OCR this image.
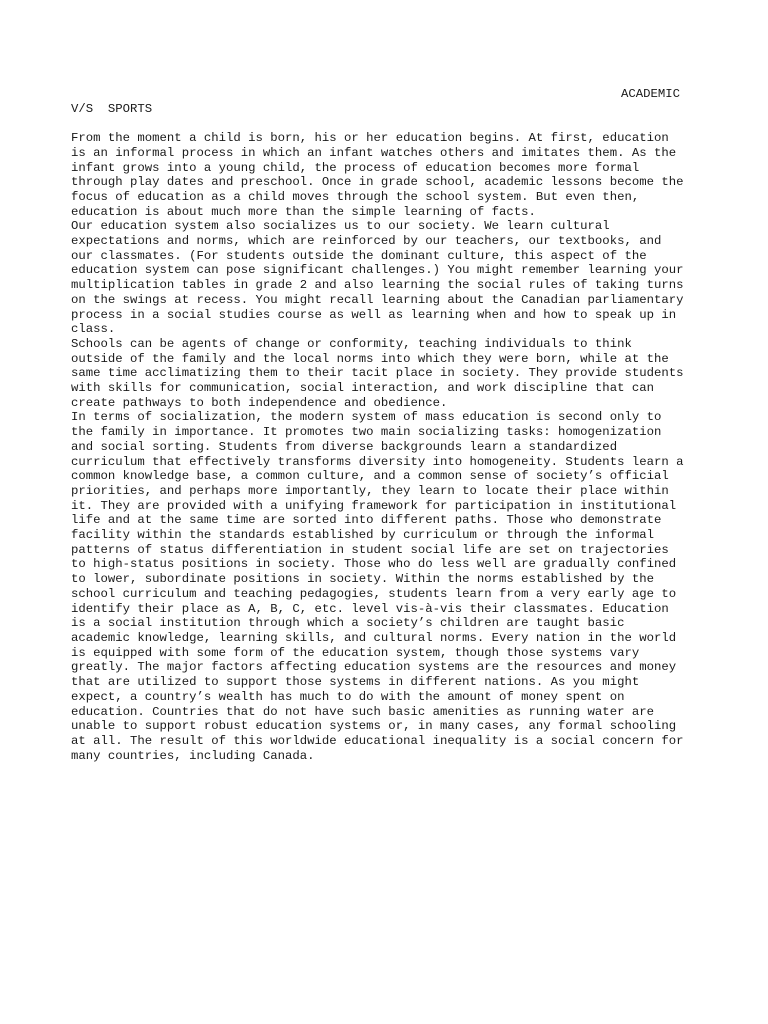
ACADEMIC

V/S  SPORTS

From the moment a child is born, his or her education begins. At first, education
is an informal process in which an infant watches others and imitates them. As the
infant grows into a young child, the process of education becomes more formal
through play dates and preschool. Once in grade school, academic lessons become the
focus of education as a child moves through the school system. But even then,
education is about much more than the simple learning of facts.

Our education system also socializes us to our society. We learn cultural
expectations and norms, which are reinforced by our teachers, our textbooks, and
our classmates. (For students outside the dominant culture, this aspect of the
education system can pose significant challenges.) You might remember learning your
multiplication tables in grade 2 and also learning the social rules of taking turns
on the swings at recess. You might recall learning about the Canadian parliamentary
process in a social studies course as well as learning when and how to speak up in
class.

Schools can be agents of change or conformity, teaching individuals to think
outside of the family and the local norms into which they were born, while at the
same time acclimatizing them to their tacit place in society. They provide students
with skills for communication, social interaction, and work discipline that can
create pathways to both independence and obedience.

In terms of socialization, the modern system of mass education is second only to
the family in importance. It promotes two main socializing tasks: homogenization
and social sorting. Students from diverse backgrounds learn a standardized
curriculum that effectively transforms diversity into homogeneity. Students learn a
common knowledge base, a common culture, and a common sense of society’s official
priorities, and perhaps more importantly, they learn to locate their place within
it. They are provided with a unifying framework for participation in institutional
life and at the same time are sorted into different paths. Those who demonstrate
facility within the standards established by curriculum or through the informal
patterns of status differentiation in student social life are set on trajectories
to high-status positions in society. Those who do less well are gradually confined
to lower, subordinate positions in society. Within the norms established by the
school curriculum and teaching pedagogies, students learn from a very early age to
identify their place as A, B, C, etc. level vis-à-vis their classmates. Education
is a social institution through which a society’s children are taught basic
academic knowledge, learning skills, and cultural norms. Every nation in the world
is equipped with some form of the education system, though those systems vary
greatly. The major factors affecting education systems are the resources and money
that are utilized to support those systems in different nations. As you might
expect, a country’s wealth has much to do with the amount of money spent on
education. Countries that do not have such basic amenities as running water are
unable to support robust education systems or, in many cases, any formal schooling
at all. The result of this worldwide educational inequality is a social concern for
many countries, including Canada.
